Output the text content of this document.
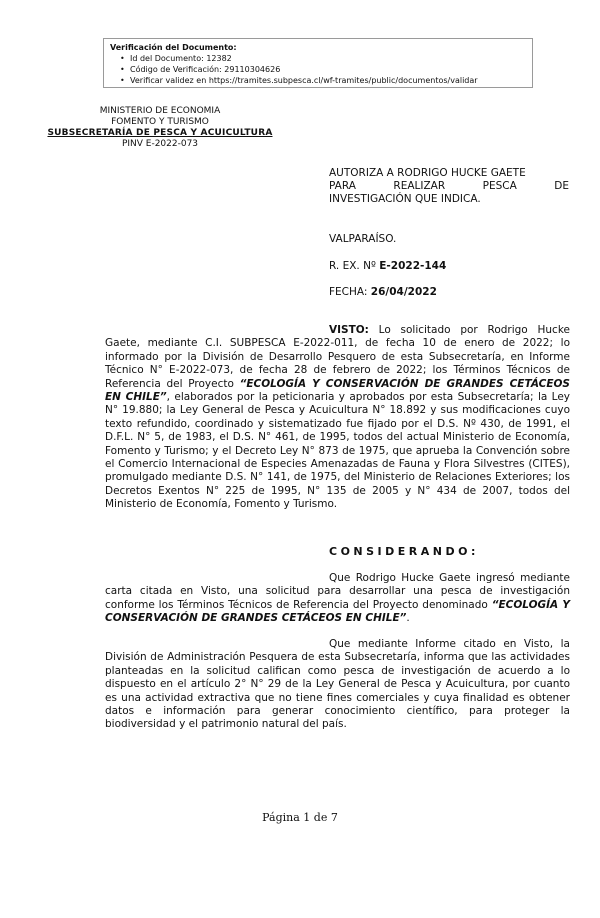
Verificación del Documento:
• Id del Documento: 12382
• Código de Verificación: 29110304626
• Verificar validez en https://tramites.subpesca.cl/wf-tramites/public/documentos/validar
MINISTERIO DE ECONOMIA
FOMENTO Y TURISMO
SUBSECRETARÍA DE PESCA Y ACUICULTURA
PINV E-2022-073
AUTORIZA A RODRIGO HUCKE GAETE
PARA REALIZAR PESCA DE
INVESTIGACIÓN QUE INDICA.
VALPARAÍSO.
R. EX. Nº E-2022-144
FECHA: 26/04/2022
VISTO: Lo solicitado por Rodrigo Hucke Gaete, mediante C.I. SUBPESCA E-2022-011, de fecha 10 de enero de 2022; lo informado por la División de Desarrollo Pesquero de esta Subsecretaría, en Informe Técnico N° E-2022-073, de fecha 28 de febrero de 2022; los Términos Técnicos de Referencia del Proyecto “ECOLOGÍA Y CONSERVACIÓN DE GRANDES CETÁCEOS EN CHILE”, elaborados por la peticionaria y aprobados por esta Subsecretaría; la Ley N° 19.880; la Ley General de Pesca y Acuicultura N° 18.892 y sus modificaciones cuyo texto refundido, coordinado y sistematizado fue fijado por el D.S. Nº 430, de 1991, el D.F.L. N° 5, de 1983, el D.S. N° 461, de 1995, todos del actual Ministerio de Economía, Fomento y Turismo; y el Decreto Ley N° 873 de 1975, que aprueba la Convención sobre el Comercio Internacional de Especies Amenazadas de Fauna y Flora Silvestres (CITES), promulgado mediante D.S. N° 141, de 1975, del Ministerio de Relaciones Exteriores; los Decretos Exentos N° 225 de 1995, N° 135 de 2005 y N° 434 de 2007, todos del Ministerio de Economía, Fomento y Turismo.
CONSIDERANDO:
Que Rodrigo Hucke Gaete ingresó mediante carta citada en Visto, una solicitud para desarrollar una pesca de investigación conforme los Términos Técnicos de Referencia del Proyecto denominado “ECOLOGÍA Y CONSERVACIÓN DE GRANDES CETÁCEOS EN CHILE”.
Que mediante Informe citado en Visto, la División de Administración Pesquera de esta Subsecretaría, informa que las actividades planteadas en la solicitud califican como pesca de investigación de acuerdo a lo dispuesto en el artículo 2° N° 29 de la Ley General de Pesca y Acuicultura, por cuanto es una actividad extractiva que no tiene fines comerciales y cuya finalidad es obtener datos e información para generar conocimiento científico, para proteger la biodiversidad y el patrimonio natural del país.
Página 1 de 7
